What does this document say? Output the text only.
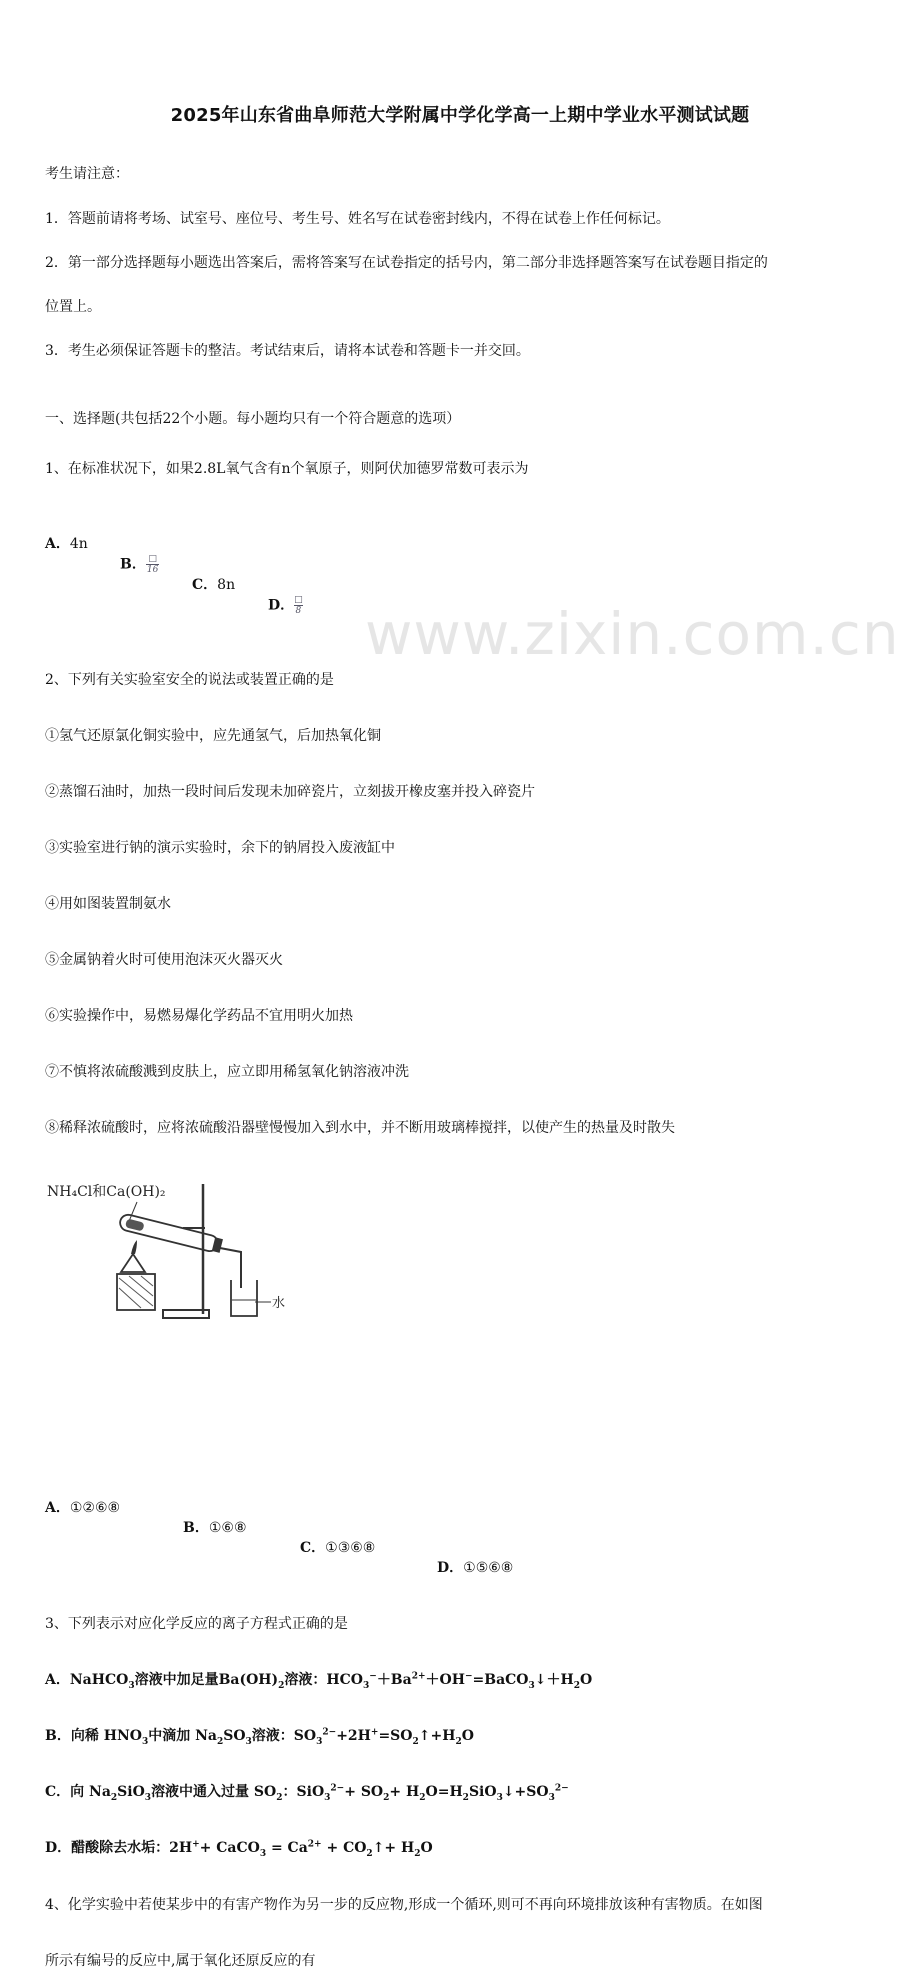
www.zixin.com.cn
2025年山东省曲阜师范大学附属中学化学高一上期中学业水平测试试题
考生请注意：
1．答题前请将考场、试室号、座位号、考生号、姓名写在试卷密封线内，不得在试卷上作任何标记。
2．第一部分选择题每小题选出答案后，需将答案写在试卷指定的括号内，第二部分非选择题答案写在试卷题目指定的
位置上。
3．考生必须保证答题卡的整洁。考试结束后，请将本试卷和答题卡一并交回。
一、选择题(共包括22个小题。每小题均只有一个符合题意的选项）
1、在标准状况下，如果2.8L氧气含有n个氧原子，则阿伏加德罗常数可表示为
A．4n
B．$\frac{□}{16}$
C．8n
D．$\frac{□}{8}$
2、下列有关实验室安全的说法或装置正确的是
①氢气还原氯化铜实验中，应先通氢气，后加热氧化铜
②蒸馏石油时，加热一段时间后发现未加碎瓷片，立刻拔开橡皮塞并投入碎瓷片
③实验室进行钠的演示实验时，余下的钠屑投入废液缸中
④用如图装置制氨水
⑤金属钠着火时可使用泡沫灭火器灭火
⑥实验操作中，易燃易爆化学药品不宜用明火加热
⑦不慎将浓硫酸溅到皮肤上，应立即用稀氢氧化钠溶液冲洗
⑧稀释浓硫酸时，应将浓硫酸沿器壁慢慢加入到水中，并不断用玻璃棒搅拌，以使产生的热量及时散失
NH₄Cl和Ca(OH)₂
水
A．①②⑥⑧
B．①⑥⑧
C．①③⑥⑧
D．①⑤⑥⑧
3、下列表示对应化学反应的离子方程式正确的是
A．NaHCO$_3$溶液中加足量$Ba(OH)_2$溶液：$HCO_3^-+Ba^{2+}+OH^-=BaCO_3↓+H_2O$
B．向稀 $HNO_3$中滴加 $Na_2SO_3$溶液：$SO_3^{2-}+2H^+=SO_2↑+H_2O$
C．向 $Na_2SiO_3$溶液中通入过量 $SO_2$：$SiO_3^{2-}+ SO_2+$ $H_2O=H_2SiO_3↓+SO_3^{2-}$
D．醋酸除去水垢：2H++ CaCO$_3$ = $Ca^{2+}$ + $CO_2↑+ H_2O$
4、化学实验中若使某步中的有害产物作为另一步的反应物,形成一个循环,则可不再向环境排放该种有害物质。在如图
所示有编号的反应中,属于氧化还原反应的有
